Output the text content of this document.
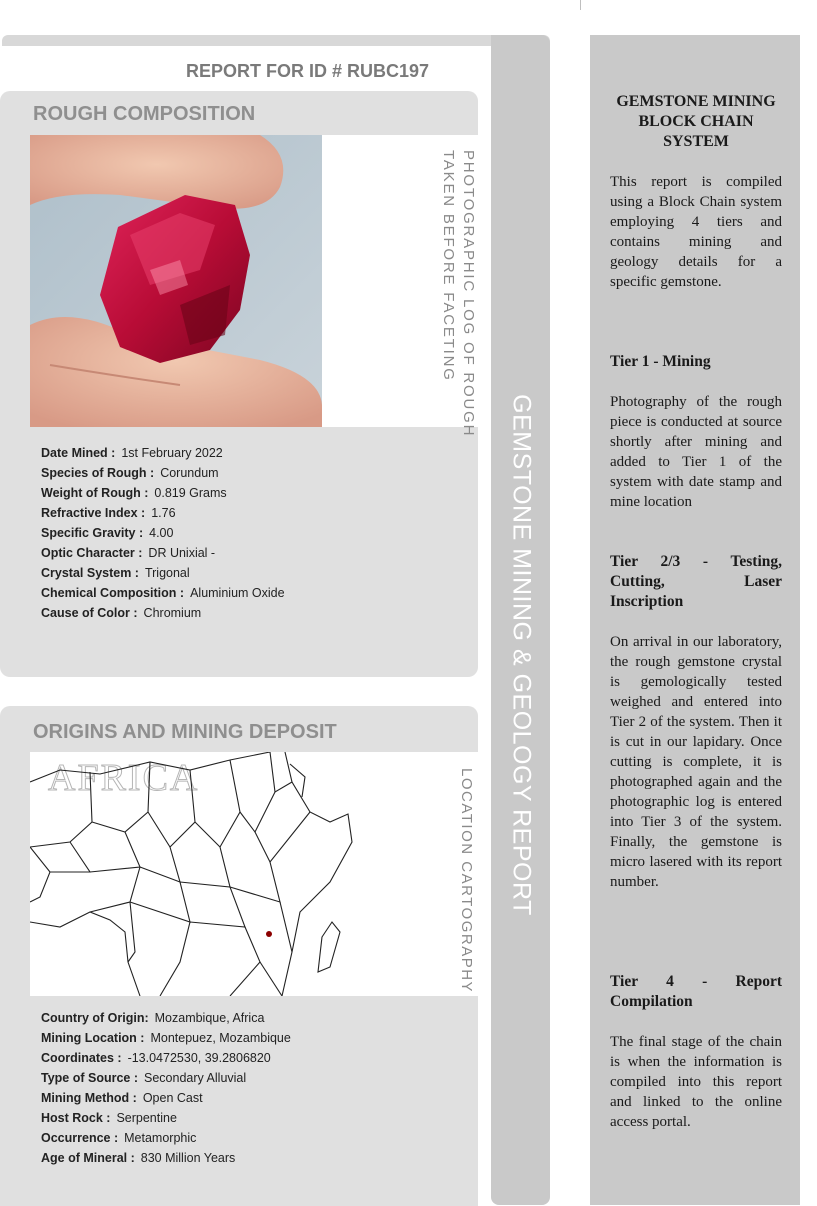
GEMSTONE MINING & GEOLOGY REPORT
REPORT FOR ID # RUBC197
ROUGH COMPOSITION
PHOTOGRAPHIC LOG OF ROUGH
TAKEN BEFORE FACETING
Date Mined : 1st February 2022
Species of Rough : Corundum
Weight of Rough : 0.819 Grams
Refractive Index : 1.76
Specific Gravity : 4.00
Optic Character : DR Unixial -
Crystal System : Trigonal
Chemical Composition : Aluminium Oxide
Cause of Color : Chromium
ORIGINS AND MINING DEPOSIT
AFRICA	LOCATION CARTOGRAPHY
Country of Origin: Mozambique, Africa
Mining Location : Montepuez, Mozambique
Coordinates : -13.0472530, 39.2806820
Type of Source : Secondary Alluvial
Mining Method : Open Cast
Host Rock : Serpentine
Occurrence : Metamorphic
Age of Mineral : 830 Million Years
GEMSTONE MINING BLOCK CHAIN SYSTEM
This report is compiled using a Block Chain system employing 4 tiers and contains mining and geology details for a specific gemstone.
Tier 1 - Mining
Photography of the rough piece is conducted at source shortly after mining and added to Tier 1 of the system with date stamp and mine location
Tier 2/3 - Testing, Cutting, Laser Inscription
On arrival in our laboratory, the rough gemstone crystal is gemologically tested weighed and entered into Tier 2 of the system. Then it is cut in our lapidary. Once cutting is complete, it is photographed again and the photographic log is entered into Tier 3 of the system. Finally, the gemstone is micro lasered with its report number.
Tier 4 - Report Compilation
The final stage of the chain is when the information is compiled into this report and linked to the online access portal.
